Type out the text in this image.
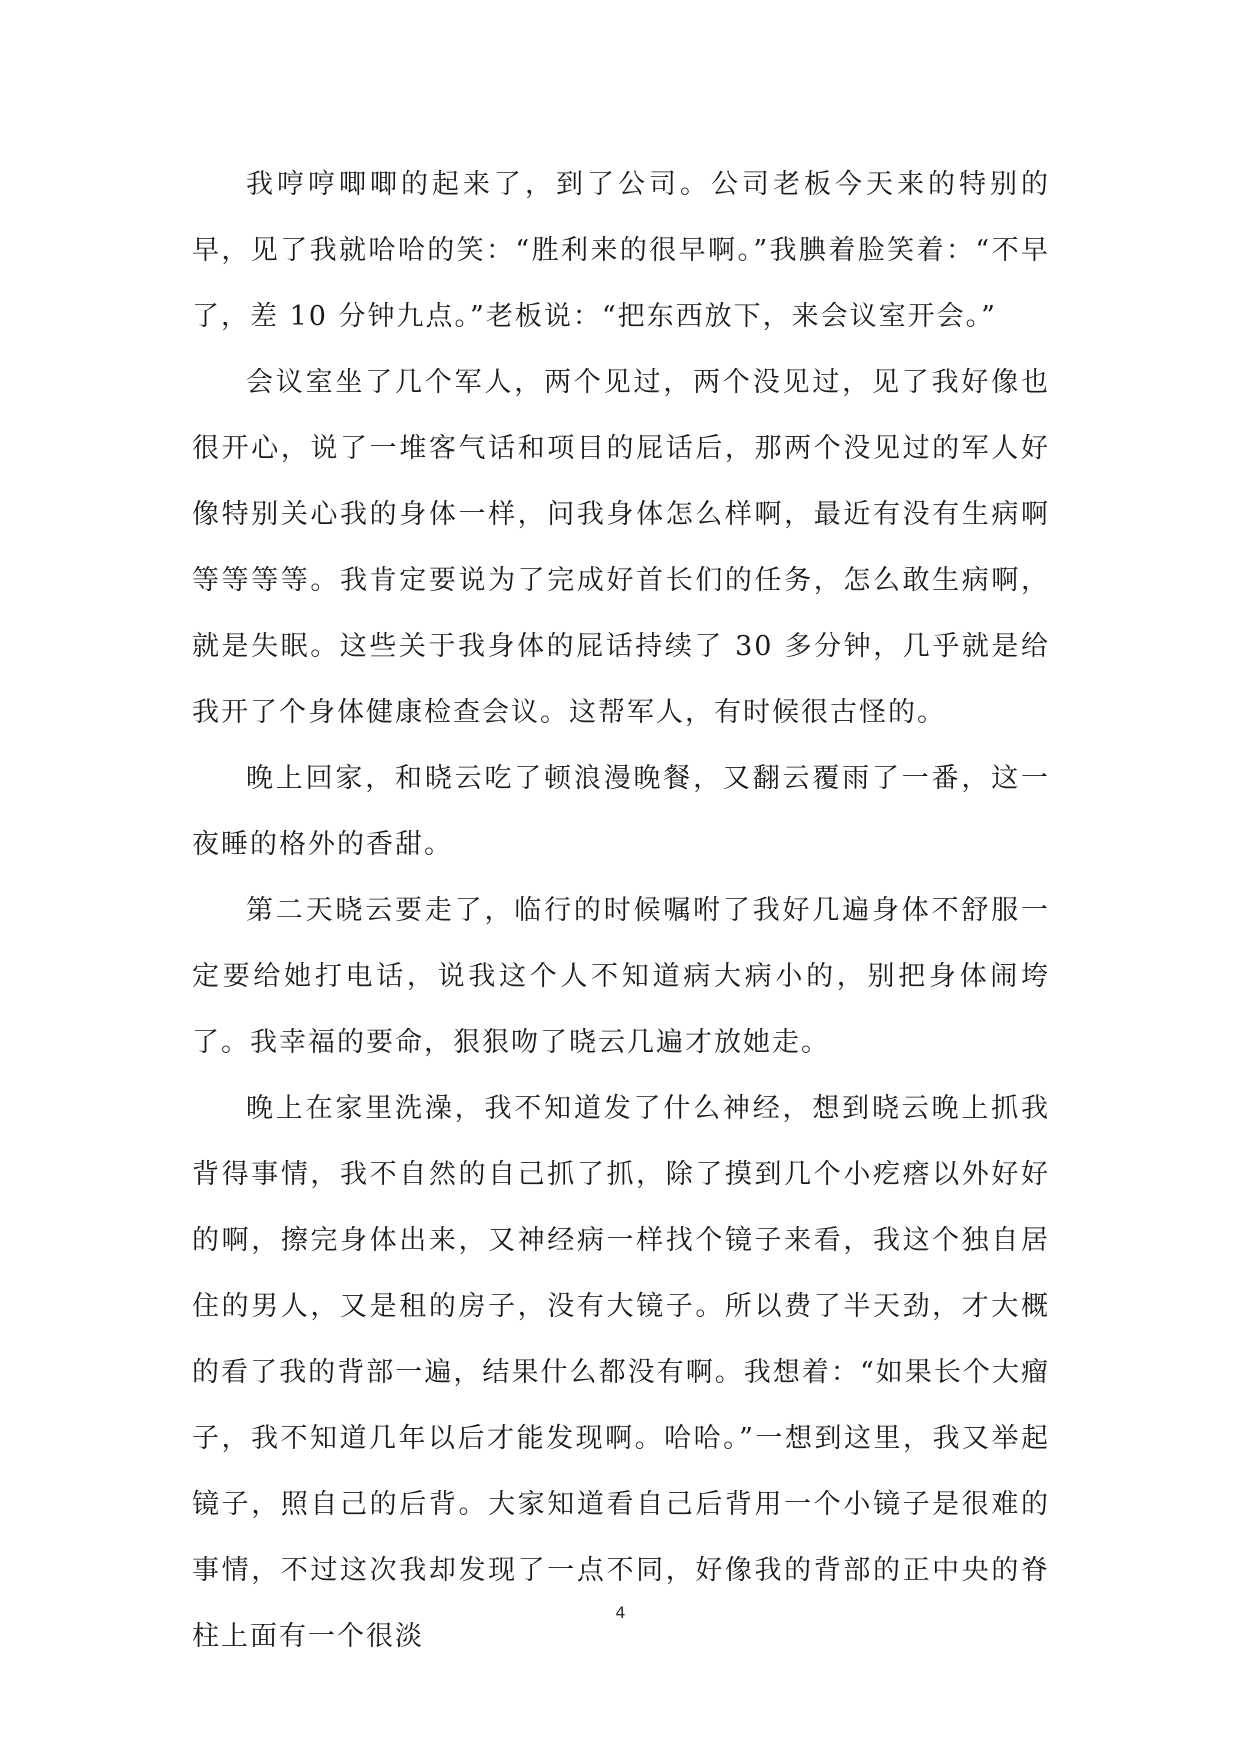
我哼哼唧唧的起来了，到了公司。公司老板今天来的特别的早，见了我就哈哈的笑：“胜利来的很早啊。”我腆着脸笑着：“不早了，差 10 分钟九点。”老板说：“把东西放下，来会议室开会。”

会议室坐了几个军人，两个见过，两个没见过，见了我好像也很开心，说了一堆客气话和项目的屁话后，那两个没见过的军人好像特别关心我的身体一样，问我身体怎么样啊，最近有没有生病啊等等等等。我肯定要说为了完成好首长们的任务，怎么敢生病啊，就是失眠。这些关于我身体的屁话持续了 30 多分钟，几乎就是给我开了个身体健康检查会议。这帮军人，有时候很古怪的。

晚上回家，和晓云吃了顿浪漫晚餐，又翻云覆雨了一番，这一夜睡的格外的香甜。

第二天晓云要走了，临行的时候嘱咐了我好几遍身体不舒服一定要给她打电话，说我这个人不知道病大病小的，别把身体闹垮了。我幸福的要命，狠狠吻了晓云几遍才放她走。

晚上在家里洗澡，我不知道发了什么神经，想到晓云晚上抓我背得事情，我不自然的自己抓了抓，除了摸到几个小疙瘩以外好好的啊，擦完身体出来，又神经病一样找个镜子来看，我这个独自居住的男人，又是租的房子，没有大镜子。所以费了半天劲，才大概的看了我的背部一遍，结果什么都没有啊。我想着：“如果长个大瘤子，我不知道几年以后才能发现啊。哈哈。”一想到这里，我又举起镜子，照自己的后背。大家知道看自己后背用一个小镜子是很难的事情，不过这次我却发现了一点不同，好像我的背部的正中央的脊柱上面有一个很淡

4
